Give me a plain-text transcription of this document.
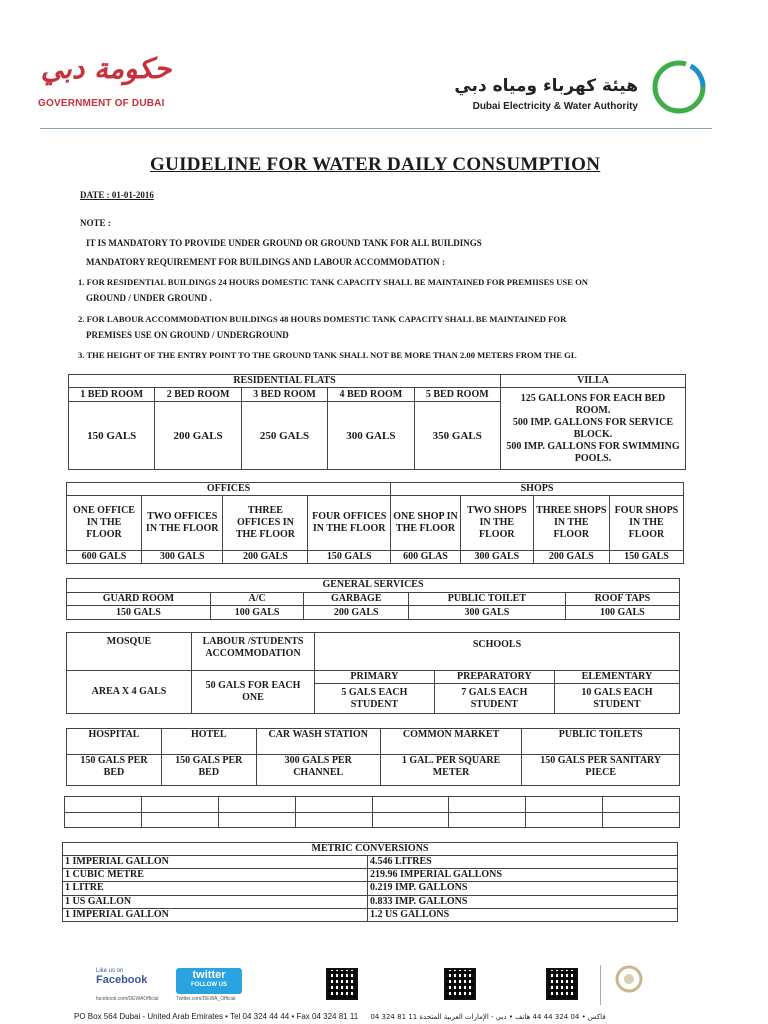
حكومة دبي
GOVERNMENT OF DUBAI
هيئة كهرباء ومياه دبي
Dubai Electricity & Water Authority
GUIDELINE FOR WATER DAILY CONSUMPTION
DATE : 01-01-2016
NOTE :
IT IS MANDATORY TO PROVIDE UNDER GROUND OR GROUND TANK FOR ALL BUILDINGS
MANDATORY REQUIREMENT FOR BUILDINGS AND LABOUR ACCOMMODATION :
1. FOR RESIDENTIAL BUILDINGS 24 HOURS DOMESTIC TANK CAPACITY SHALL BE MAINTAINED FOR PREMIISES USE ON
GROUND / UNDER GROUND .
2. FOR LABOUR ACCOMMODATION BUILDINGS 48 HOURS DOMESTIC TANK CAPACITY SHALL BE MAINTAINED FOR
PREMISES USE ON GROUND / UNDERGROUND
3. THE HEIGHT OF THE ENTRY POINT TO THE GROUND TANK SHALL NOT BE MORE THAN 2.00 METERS FROM THE GL
RESIDENTIAL FLATS					VILLA
1 BED ROOM	2 BED ROOM	3 BED ROOM	4 BED ROOM	5 BED ROOM	125 GALLONS FOR EACH BED ROOM.
500 IMP. GALLONS FOR SERVICE BLOCK.
500 IMP. GALLONS FOR SWIMMING POOLS.

150 GALS	200 GALS	250 GALS	300 GALS	350 GALS	
OFFICES				SHOPS			
ONE OFFICE IN THE FLOOR	TWO OFFICES IN THE FLOOR	THREE OFFICES IN THE FLOOR	FOUR OFFICES IN THE FLOOR	ONE SHOP IN THE FLOOR	TWO SHOPS IN THE FLOOR	THREE SHOPS IN THE FLOOR	FOUR SHOPS IN THE FLOOR
600 GALS	300 GALS	200 GALS	150 GALS	600 GLAS	300 GALS	200 GALS	150 GALS
GENERAL SERVICES				
GUARD ROOM	A/C	GARBAGE	PUBLIC TOILET	ROOF TAPS
150 GALS	100 GALS	200 GALS	300 GALS	100 GALS
MOSQUE	LABOUR /STUDENTS ACCOMMODATION	SCHOOLS		
AREA X 4 GALS	50 GALS FOR EACH ONE	PRIMARY	PREPARATORY	ELEMENTARY
		5 GALS EACH STUDENT	7 GALS EACH STUDENT	10 GALS EACH STUDENT
HOSPITAL	HOTEL	CAR WASH STATION	COMMON MARKET	PUBLIC TOILETS
150 GALS PER BED	150 GALS PER BED	300 GALS PER CHANNEL	1 GAL. PER SQUARE METER	150 GALS PER SANITARY PIECE

METRIC CONVERSIONS	
1 IMPERIAL GALLON	4.546 LITRES
1 CUBIC METRE	219.96 IMPERIAL GALLONS
1 LITRE	0.219 IMP. GALLONS
1 US GALLON	0.833 IMP. GALLONS
1 IMPERIAL GALLON	1.2 US GALLONS
Like us on
Facebook
facebook.com/DEWAOfficial
twitter
FOLLOW US
Twitter.com/DEWA_Official
PO Box 564 Dubai - United Arab Emirates • Tel 04 324 44 44 • Fax 04 324 81 11 04 324 81 11 فاكس • 04 324 44 44 هاتف • دبي - الإمارات العربية المتحدة
